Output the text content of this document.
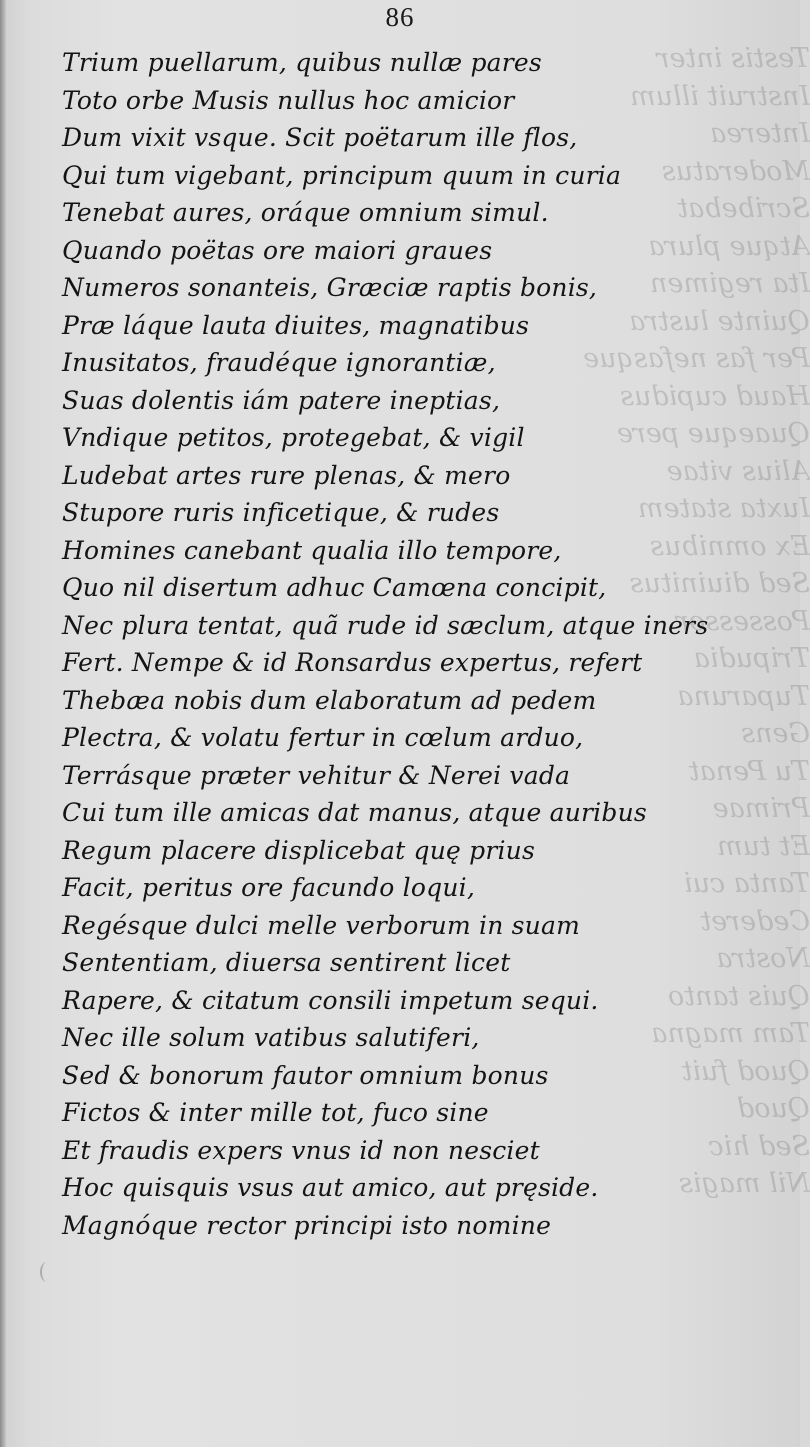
Testis inter
Instruit illum
Interea
Moderatus
Scribebat
Atque plura
Ita regimen
Quinte lustra
Per fas nefasque
Haud cupidus
Quaeque pere
Alius vitae
Iuxta statem
Ex omnibus
Sed diuinitus
Possessor
Tripudia
Tuparuna
Gens
Tu Penat
Primae
Et tum
Tanta cui
Cederet
Nostra
Quis tanto
Tam magna
Quod fuit
Quod
Sed hic
Nil magis
86
Trium puellarum, quibus nullæ pares
Toto orbe Musis nullus hoc amicior
Dum vixit vsque. Scit poëtarum ille flos,
Qui tum vigebant, principum quum in curia
Tenebat aures, oráque omnium simul.
Quando poëtas ore maiori graues
Numeros sonanteis, Græciæ raptis bonis,
Præ láque lauta diuites, magnatibus
Inusitatos, fraudéque ignorantiæ,
Suas dolentis iám patere ineptias,
Vndique petitos, protegebat, & vigil
Ludebat artes rure plenas, & mero
Stupore ruris inficetique, & rudes
Homines canebant qualia illo tempore,
Quo nil disertum adhuc Camœna concipit,
Nec plura tentat, quã rude id sæclum, atque iners
Fert. Nempe & id Ronsardus expertus, refert
Thebæa nobis dum elaboratum ad pedem
Plectra, & volatu fertur in cœlum arduo,
Terrásque præter vehitur & Nerei vada
Cui tum ille amicas dat manus, atque auribus
Regum placere displicebat quę prius
Facit, peritus ore facundo loqui,
Regésque dulci melle verborum in suam
Sententiam, diuersa sentirent licet
Rapere, & citatum consili impetum sequi.
Nec ille solum vatibus salutiferi,
Sed & bonorum fautor omnium bonus
Fictos & inter mille tot, fuco sine
Et fraudis expers vnus id non nesciet
Hoc quisquis vsus aut amico, aut pręside.
Magnóque rector principi isto nomine
